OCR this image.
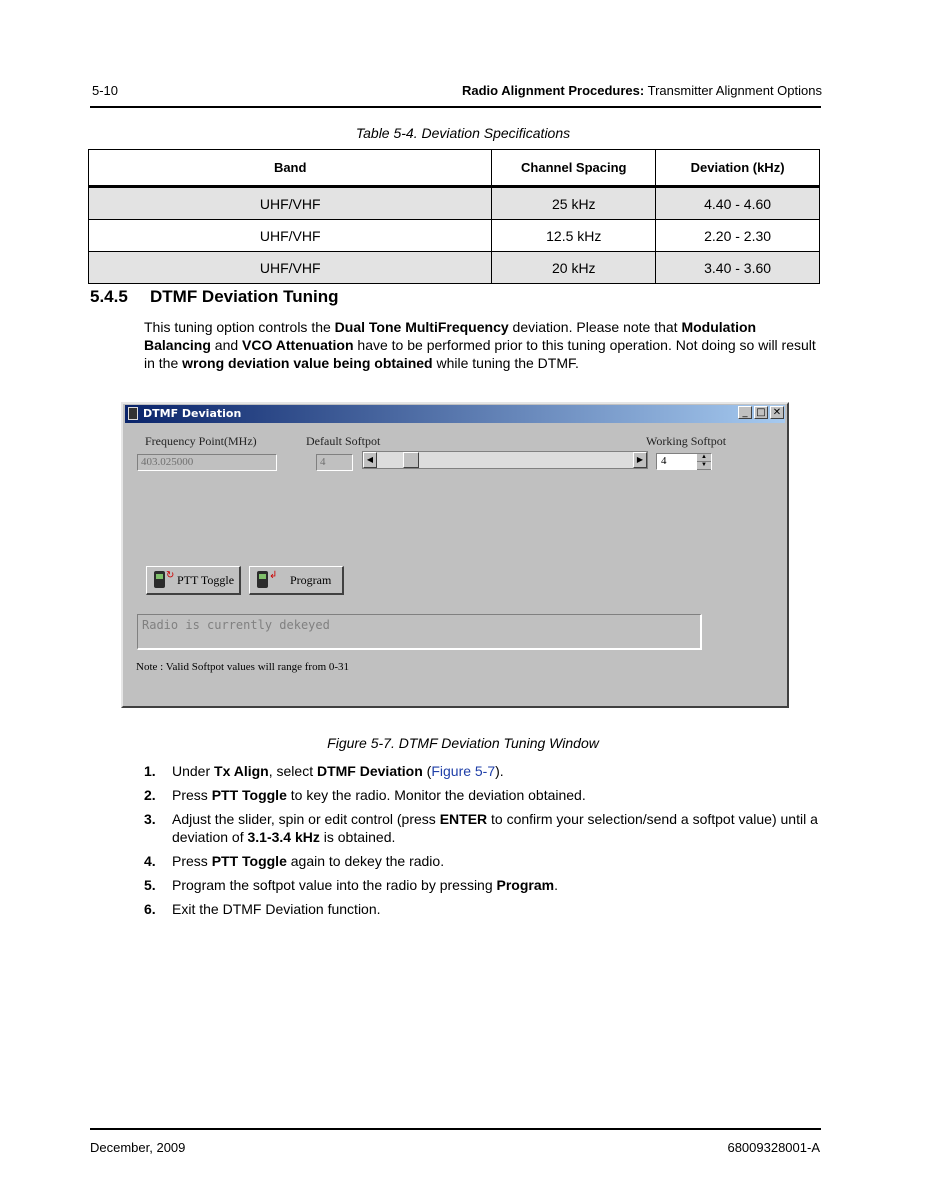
5-10	Radio Alignment Procedures: Transmitter Alignment Options
Table 5-4. Deviation Specifications
Band	Channel Spacing	Deviation (kHz)
UHF/VHF	25 kHz	4.40 - 4.60
UHF/VHF	12.5 kHz	2.20 - 2.30
UHF/VHF	20 kHz	3.40 - 3.60
5.4.5 DTMF Deviation Tuning
This tuning option controls the Dual Tone MultiFrequency deviation. Please note that Modulation Balancing and VCO Attenuation have to be performed prior to this tuning operation. Not doing so will result in the wrong deviation value being obtained while tuning the DTMF.
DTMF Deviation	_ □ ✕
Frequency Point(MHz)
403.025000
Default Softpot
4	◀	▶
Working Softpot
4	▲
▼
↻ PTT Toggle	↲ Program
Radio is currently dekeyed
Note : Valid Softpot values will range from 0-31
Figure 5-7. DTMF Deviation Tuning Window
1. Under Tx Align, select DTMF Deviation (Figure 5-7).
2. Press PTT Toggle to key the radio. Monitor the deviation obtained.
3. Adjust the slider, spin or edit control (press ENTER to confirm your selection/send a softpot value) until a deviation of 3.1-3.4 kHz is obtained.
4. Press PTT Toggle again to dekey the radio.
5. Program the softpot value into the radio by pressing Program.
6. Exit the DTMF Deviation function.
December, 2009	68009328001-A
